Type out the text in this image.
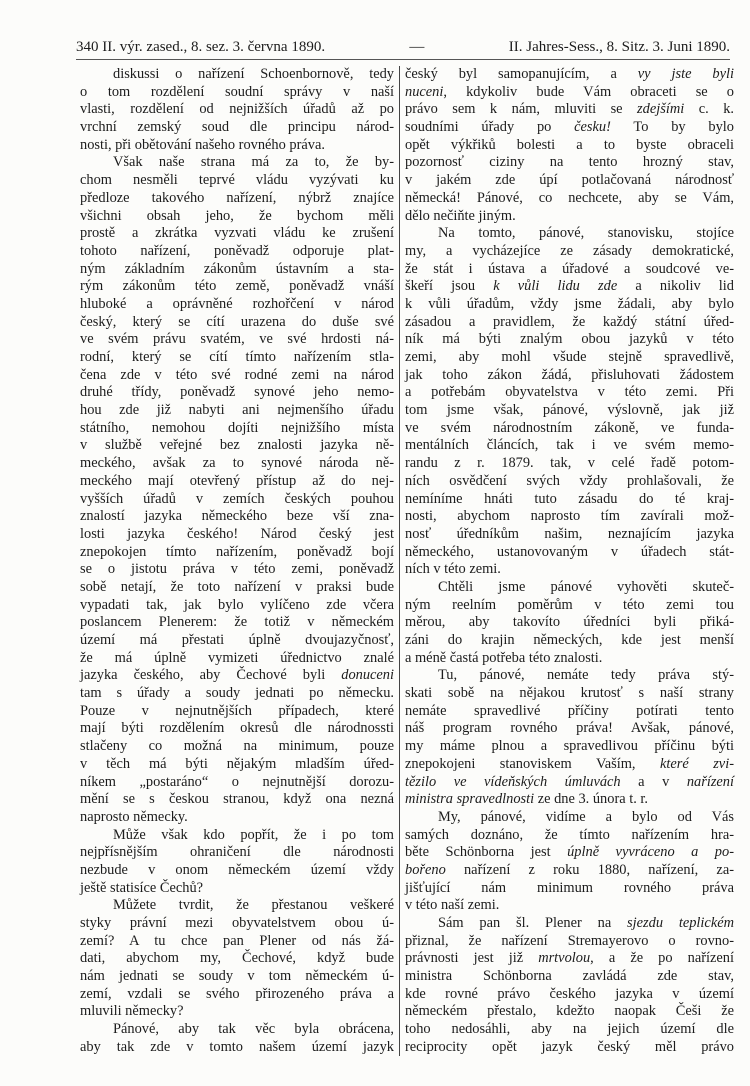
340 II. výr. zased., 8. sez. 3. června 1890.	—	II. Jahres-Sess., 8. Sitz. 3. Juni 1890.
diskussi o nařízení Schoenbornově, tedy
o tom rozdělení soudní správy v naší
vlasti, rozdělení od nejnižších úřadů až po
vrchní zemský soud dle principu národ-
nosti, při obětování našeho rovného práva.
Však naše strana má za to, že by-
chom nesměli teprvé vládu vyzývati ku
předloze takového nařízení, nýbrž znajíce
všichni obsah jeho, že bychom měli
prostě a zkrátka vyzvati vládu ke zrušení
tohoto nařízení, poněvadž odporuje plat-
ným základním zákonům ústavním a sta-
rým zákonům této země, poněvadž vnáší
hluboké a oprávněné rozhořčení v národ
český, který se cítí urazena do duše své
ve svém právu svatém, ve své hrdosti ná-
rodní, který se cítí tímto nařízením stla-
čena zde v této své rodné zemi na národ
druhé třídy, poněvadž synové jeho nemo-
hou zde již nabyti ani nejmenšího úřadu
státního, nemohou dojíti nejnižšího místa
v službě veřejné bez znalosti jazyka ně-
meckého, avšak za to synové národa ně-
meckého mají otevřený přístup až do nej-
vyšších úřadů v zemích českých pouhou
znalostí jazyka německého beze vší zna-
losti jazyka českého! Národ český jest
znepokojen tímto nařízením, poněvadž bojí
se o jistotu práva v této zemi, poněvadž
sobě netají, že toto nařízení v praksi bude
vypadati tak, jak bylo vylíčeno zde včera
poslancem Plenerem: že totiž v německém
území má přestati úplně dvoujazyčnosť,
že má úplně vymizeti úřednictvo znalé
jazyka českého, aby Čechové byli donuceni
tam s úřady a soudy jednati po německu.
Pouze v nejnutnějších případech, které
mají býti rozdělením okresů dle národnossti
stlačeny co možná na minimum, pouze
v těch má býti nějakým mladším úřed-
níkem „postaráno“ o nejnutnější dorozu-
mění se s českou stranou, když ona nezná
naprosto německy.
Může však kdo popřít, že i po tom
nejpřísnějším ohraničení dle národnosti
nezbude v onom německém území vždy
ještě statisíce Čechů?
Můžete tvrdit, že přestanou veškeré
styky právní mezi obyvatelstvem obou ú-
zemí? A tu chce pan Plener od nás žá-
dati, abychom my, Čechové, když bude
nám jednati se soudy v tom německém ú-
zemí, vzdali se svého přirozeného práva a
mluvili německy?
Pánové, aby tak věc byla obrácena,
aby tak zde v tomto našem území jazyk
český byl samopanujícím, a vy jste byli
nuceni, kdykoliv bude Vám obraceti se o
právo sem k nám, mluviti se zdejšími c. k.
soudními úřady po česku! To by bylo
opět výkřiků bolesti a to byste obraceli
pozornosť ciziny na tento hrozný stav,
v jakém zde úpí potlačovaná národnosť
německá! Pánové, co nechcete, aby se Vám,
dělo nečiňte jiným.
Na tomto, pánové, stanovisku, stojíce
my, a vycházejíce ze zásady demokratické,
že stát i ústava a úřadové a soudcové ve-
škeří jsou k vůli lidu zde a nikoliv lid
k vůli úřadům, vždy jsme žádali, aby bylo
zásadou a pravidlem, že každý státní úřed-
ník má býti znalým obou jazyků v této
zemi, aby mohl všude stejně spravedlivě,
jak toho zákon žádá, přisluhovati žádostem
a potřebám obyvatelstva v této zemi. Při
tom jsme však, pánové, výslovně, jak již
ve svém národnostním zákoně, ve funda-
mentálních článcích, tak i ve svém memo-
randu z r. 1879. tak, v celé řadě potom-
ních osvědčení svých vždy prohlašovali, že
nemíníme hnáti tuto zásadu do té kraj-
nosti, abychom naprosto tím zavírali mož-
nosť úředníkům našim, neznajícím jazyka
německého, ustanovovaným v úřadech stát-
ních v této zemi.
Chtěli jsme pánové vyhověti skuteč-
ným reelním poměrům v této zemi tou
měrou, aby takovíto úředníci byli přiká-
záni do krajin německých, kde jest menší
a méně častá potřeba této znalosti.
Tu, pánové, nemáte tedy práva stý-
skati sobě na nějakou krutosť s naší strany
nemáte spravedlivé příčiny potírati tento
náš program rovného práva! Avšak, pánové,
my máme plnou a spravedlivou příčinu býti
znepokojeni stanoviskem Vaším, které zvi-
tězilo ve vídeňských úmluvách a v nařízení
ministra spravedlnosti ze dne 3. února t. r.
My, pánové, vidíme a bylo od Vás
samých doznáno, že tímto nařízením hra-
běte Schönborna jest úplně vyvráceno a po-
bořeno nařízení z roku 1880, nařízení, za-
jišťující nám minimum rovného práva
v této naší zemi.
Sám pan šl. Plener na sjezdu teplickém
přiznal, že nařízení Stremayerovo o rovno-
právnosti jest již mrtvolou, a že po nařízení
ministra Schönborna zavládá zde stav,
kde rovné právo českého jazyka v území
německém přestalo, kdežto naopak Češi že
toho nedosáhli, aby na jejich území dle
reciprocity opět jazyk český měl právo
